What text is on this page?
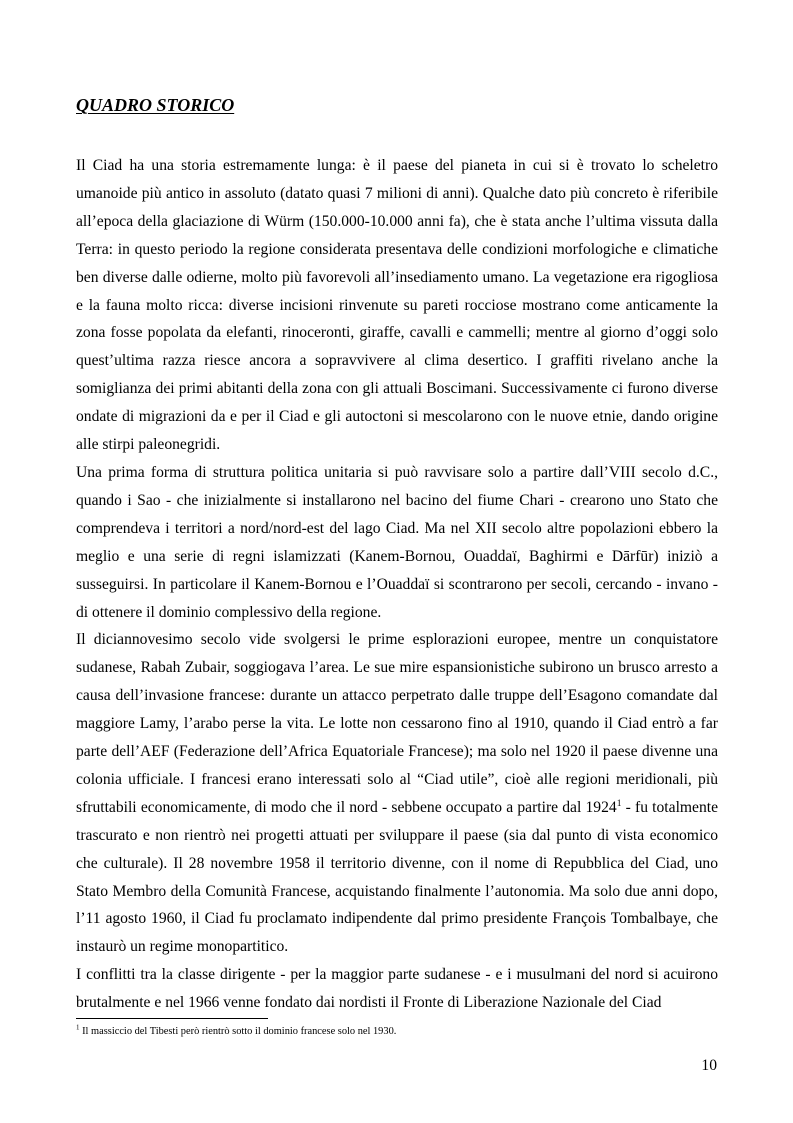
QUADRO STORICO

Il Ciad ha una storia estremamente lunga: è il paese del pianeta in cui si è trovato lo scheletro umanoide più antico in assoluto (datato quasi 7 milioni di anni). Qualche dato più concreto è riferibile all’epoca della glaciazione di Würm (150.000-10.000 anni fa), che è stata anche l’ultima vissuta dalla Terra: in questo periodo la regione considerata presentava delle condizioni morfologiche e climatiche ben diverse dalle odierne, molto più favorevoli all’insediamento umano. La vegetazione era rigogliosa e la fauna molto ricca: diverse incisioni rinvenute su pareti rocciose mostrano come anticamente la zona fosse popolata da elefanti, rinoceronti, giraffe, cavalli e cammelli; mentre al giorno d’oggi solo quest’ultima razza riesce ancora a sopravvivere al clima desertico. I graffiti rivelano anche la somiglianza dei primi abitanti della zona con gli attuali Boscimani. Successivamente ci furono diverse ondate di migrazioni da e per il Ciad e gli autoctoni si mescolarono con le nuove etnie, dando origine alle stirpi paleonegridi.

Una prima forma di struttura politica unitaria si può ravvisare solo a partire dall’VIII secolo d.C., quando i Sao - che inizialmente si installarono nel bacino del fiume Chari - crearono uno Stato che comprendeva i territori a nord/nord-est del lago Ciad. Ma nel XII secolo altre popolazioni ebbero la meglio e una serie di regni islamizzati (Kanem-Bornou, Ouaddaï, Baghirmi e Dārfūr) iniziò a susseguirsi. In particolare il Kanem-Bornou e l’Ouaddaï si scontrarono per secoli, cercando - invano - di ottenere il dominio complessivo della regione.

Il diciannovesimo secolo vide svolgersi le prime esplorazioni europee, mentre un conquistatore sudanese, Rabah Zubair, soggiogava l’area. Le sue mire espansionistiche subirono un brusco arresto a causa dell’invasione francese: durante un attacco perpetrato dalle truppe dell’Esagono comandate dal maggiore Lamy, l’arabo perse la vita. Le lotte non cessarono fino al 1910, quando il Ciad entrò a far parte dell’AEF (Federazione dell’Africa Equatoriale Francese); ma solo nel 1920 il paese divenne una colonia ufficiale. I francesi erano interessati solo al “Ciad utile”, cioè alle regioni meridionali, più sfruttabili economicamente, di modo che il nord - sebbene occupato a partire dal 1924$^1$ - fu totalmente trascurato e non rientrò nei progetti attuati per sviluppare il paese (sia dal punto di vista economico che culturale). Il 28 novembre 1958 il territorio divenne, con il nome di Repubblica del Ciad, uno Stato Membro della Comunità Francese, acquistando finalmente l’autonomia. Ma solo due anni dopo, l’11 agosto 1960, il Ciad fu proclamato indipendente dal primo presidente François Tombalbaye, che instaurò un regime monopartitico.

I conflitti tra la classe dirigente - per la maggior parte sudanese - e i musulmani del nord si acuirono brutalmente e nel 1966 venne fondato dai nordisti il Fronte di Liberazione Nazionale del Ciad

$^1$ Il massiccio del Tibesti però rientrò sotto il dominio francese solo nel 1930.

10
